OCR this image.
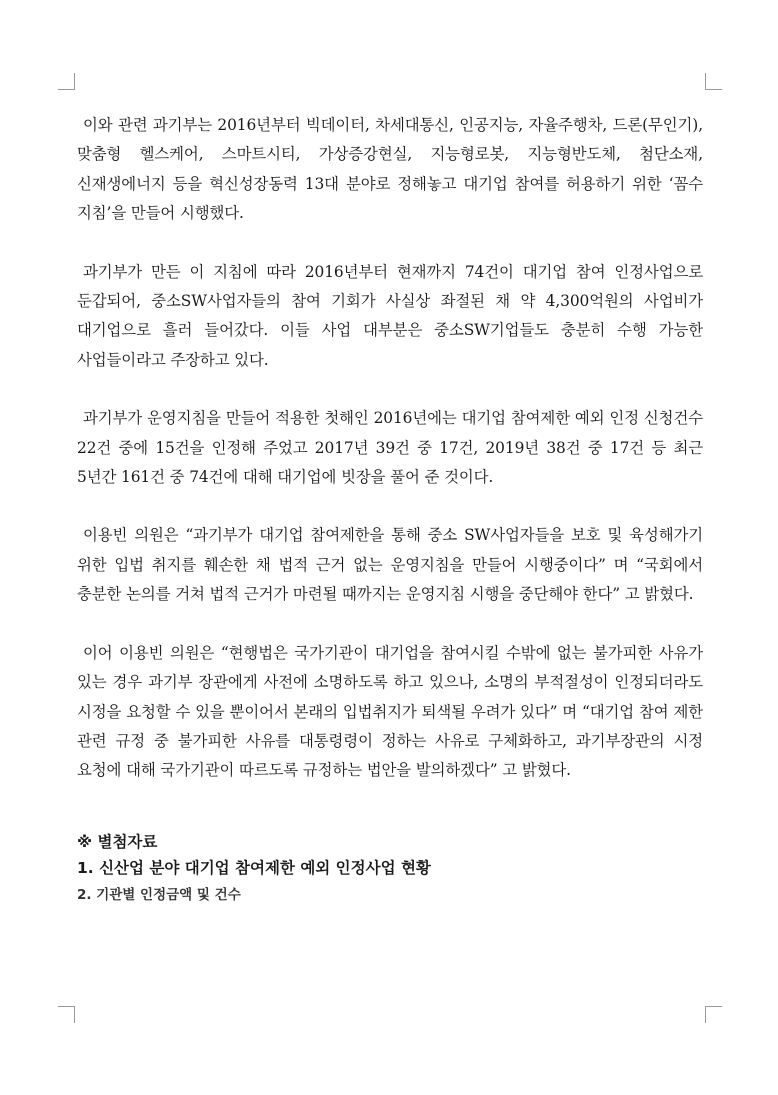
이와 관련 과기부는 2016년부터 빅데이터, 차세대통신, 인공지능, 자율주행차, 드론(무인기), 맞춤형 헬스케어, 스마트시티, 가상증강현실, 지능형로봇, 지능형반도체, 첨단소재, 신재생에너지 등을 혁신성장동력 13대 분야로 정해놓고 대기업 참여를 허용하기 위한 ‘꼼수 지침’을 만들어 시행했다.

과기부가 만든 이 지침에 따라 2016년부터 현재까지 74건이 대기업 참여 인정사업으로 둔갑되어, 중소SW사업자들의 참여 기회가 사실상 좌절된 채 약 4,300억원의 사업비가 대기업으로 흘러 들어갔다. 이들 사업 대부분은 중소SW기업들도 충분히 수행 가능한 사업들이라고 주장하고 있다.

과기부가 운영지침을 만들어 적용한 첫해인 2016년에는 대기업 참여제한 예외 인정 신청건수 22건 중에 15건을 인정해 주었고 2017년 39건 중 17건, 2019년 38건 중 17건 등 최근 5년간 161건 중 74건에 대해 대기업에 빗장을 풀어 준 것이다.

이용빈 의원은 “과기부가 대기업 참여제한을 통해 중소 SW사업자들을 보호 및 육성해가기 위한 입법 취지를 훼손한 채 법적 근거 없는 운영지침을 만들어 시행중이다” 며 “국회에서 충분한 논의를 거쳐 법적 근거가 마련될 때까지는 운영지침 시행을 중단해야 한다” 고 밝혔다.

이어 이용빈 의원은 “현행법은 국가기관이 대기업을 참여시킬 수밖에 없는 불가피한 사유가 있는 경우 과기부 장관에게 사전에 소명하도록 하고 있으나, 소명의 부적절성이 인정되더라도 시정을 요청할 수 있을 뿐이어서 본래의 입법취지가 퇴색될 우려가 있다” 며 “대기업 참여 제한 관련 규정 중 불가피한 사유를 대통령령이 정하는 사유로 구체화하고, 과기부장관의 시정 요청에 대해 국가기관이 따르도록 규정하는 법안을 발의하겠다” 고 밝혔다.

※ 별첨자료
1. 신산업 분야 대기업 참여제한 예외 인정사업 현황
2. 기관별 인정금액 및 건수
